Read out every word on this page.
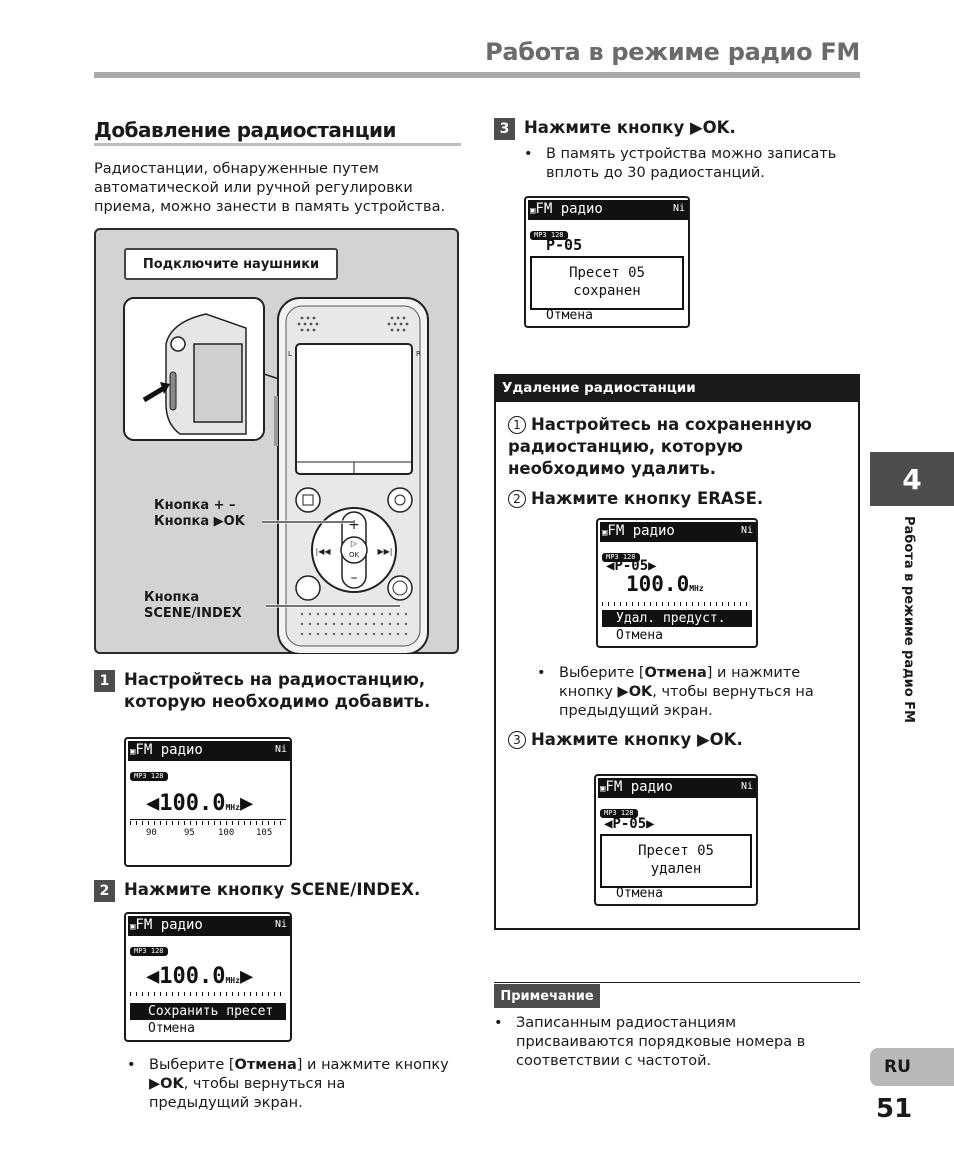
Работа в режиме радио FM
Добавление радиостанции
Радиостанции, обнаруженные путем автоматической или ручной регулировки приема, можно занести в память устройства.
Подключите наушники
▷
OK
+
–
|◀◀	▶▶|
L	R
Кнопка + –
Кнопка ▶OK
Кнопка
SCENE/INDEX
1 Настройтесь на радиостанцию, которую необходимо добавить.
▣FM радио	Ni
MP3 128
◀100.0MHz▶
90	95	100 105
2 Нажмите кнопку SCENE/INDEX.
▣FM радио	Ni
MP3 128
◀100.0MHz▶
Сохранить пресет
Отмена
• Выберите [Отмена] и нажмите кнопку ▶OK, чтобы вернуться на предыдущий экран.
3 Нажмите кнопку ▶OK.
• В память устройства можно записать вплоть до 30 радиостанций.
▣FM радио	Ni
MP3 128
P-05
Пресет 05
сохранен
Отмена
Удаление радиостанции
1 Настройтесь на сохраненную радиостанцию, которую необходимо удалить.
2 Нажмите кнопку ERASE.
▣FM радио	Ni
MP3 128
◀P-05▶
100.0MHz
Удал. предуст.
Отмена
• Выберите [Отмена] и нажмите кнопку ▶OK, чтобы вернуться на предыдущий экран.
3 Нажмите кнопку ▶OK.
▣FM радио	Ni
MP3 128
◀P-05▶
Пресет 05
удален
Отмена
Примечание
• Записанным радиостанциям присваиваются порядковые номера в соответствии с частотой.
4
Работа в режиме радио FM
RU
51
